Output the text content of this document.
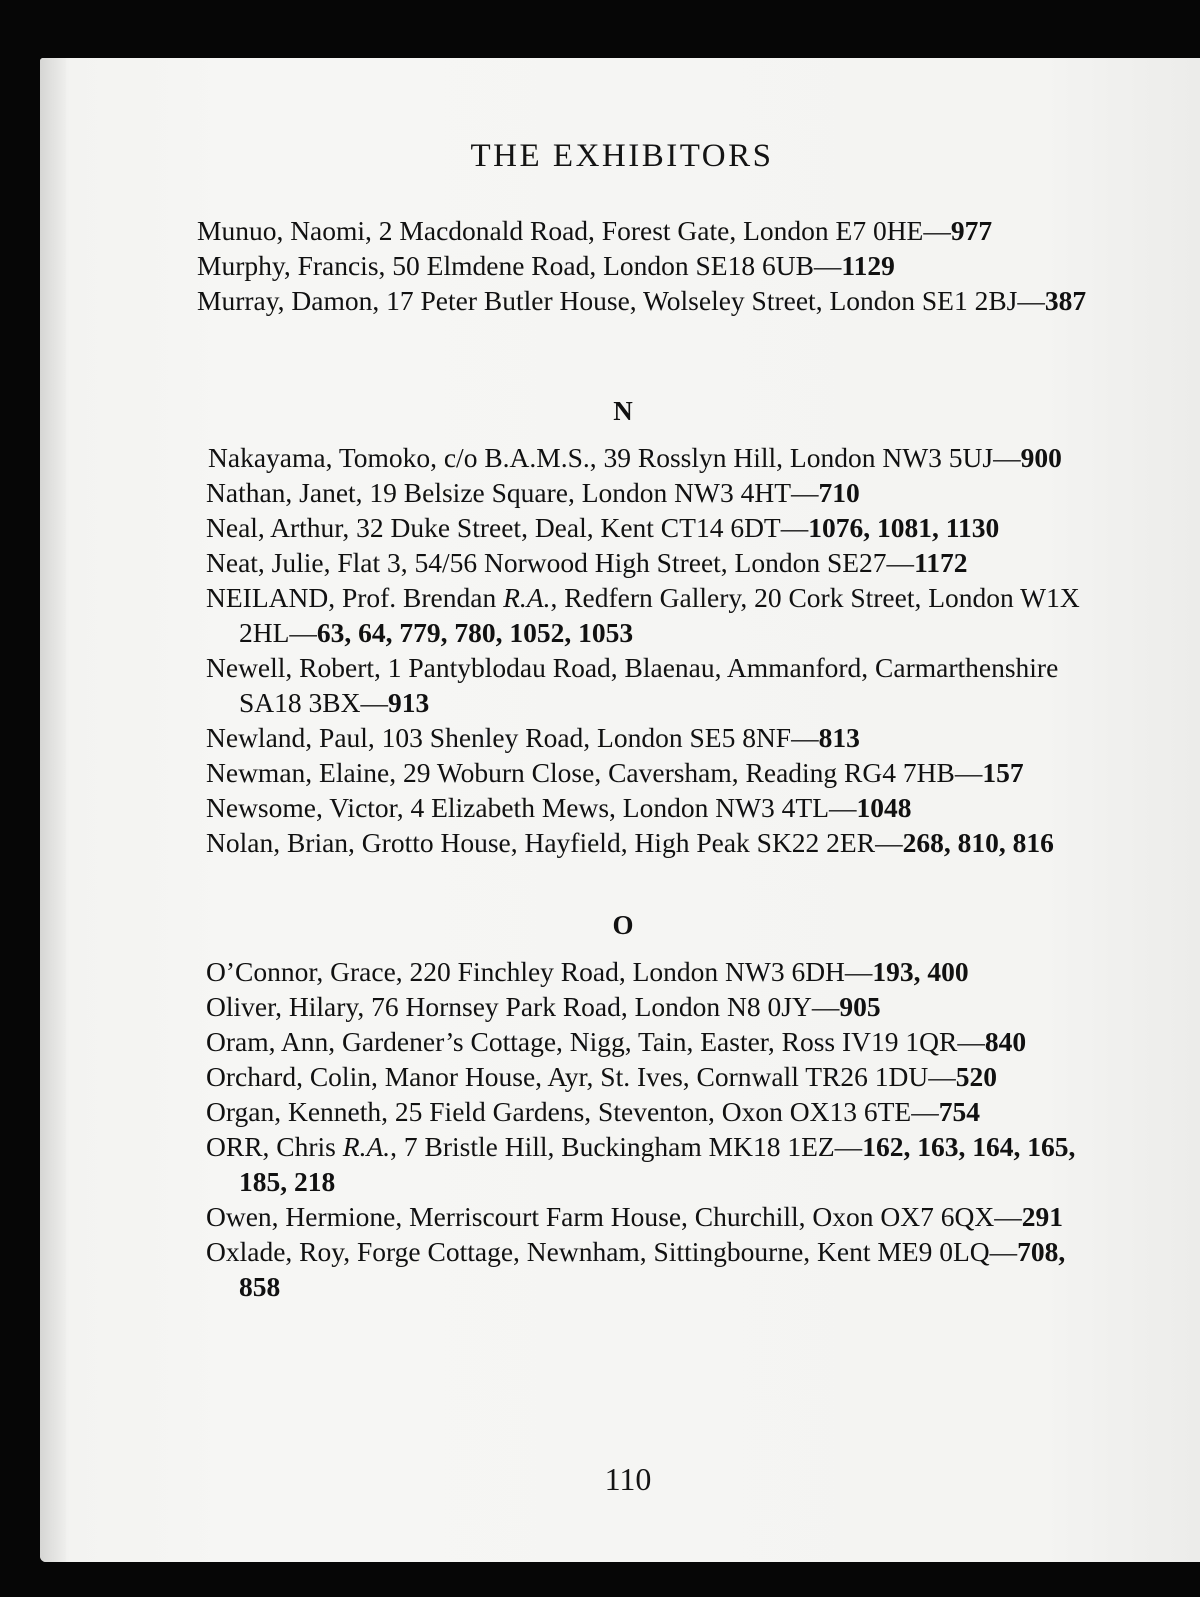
THE EXHIBITORS
Munuo, Naomi, 2 Macdonald Road, Forest Gate, London E7 0HE—977
Murphy, Francis, 50 Elmdene Road, London SE18 6UB—1129
Murray, Damon, 17 Peter Butler House, Wolseley Street, London SE1 2BJ—387
N
Nakayama, Tomoko, c/o B.A.M.S., 39 Rosslyn Hill, London NW3 5UJ—900
Nathan, Janet, 19 Belsize Square, London NW3 4HT—710
Neal, Arthur, 32 Duke Street, Deal, Kent CT14 6DT—1076, 1081, 1130
Neat, Julie, Flat 3, 54/56 Norwood High Street, London SE27—1172
NEILAND, Prof. Brendan R.A., Redfern Gallery, 20 Cork Street, London W1X
2HL—63, 64, 779, 780, 1052, 1053
Newell, Robert, 1 Pantyblodau Road, Blaenau, Ammanford, Carmarthenshire
SA18 3BX—913
Newland, Paul, 103 Shenley Road, London SE5 8NF—813
Newman, Elaine, 29 Woburn Close, Caversham, Reading RG4 7HB—157
Newsome, Victor, 4 Elizabeth Mews, London NW3 4TL—1048
Nolan, Brian, Grotto House, Hayfield, High Peak SK22 2ER—268, 810, 816
O
O’Connor, Grace, 220 Finchley Road, London NW3 6DH—193, 400
Oliver, Hilary, 76 Hornsey Park Road, London N8 0JY—905
Oram, Ann, Gardener’s Cottage, Nigg, Tain, Easter, Ross IV19 1QR—840
Orchard, Colin, Manor House, Ayr, St. Ives, Cornwall TR26 1DU—520
Organ, Kenneth, 25 Field Gardens, Steventon, Oxon OX13 6TE—754
ORR, Chris R.A., 7 Bristle Hill, Buckingham MK18 1EZ—162, 163, 164, 165,
185, 218
Owen, Hermione, Merriscourt Farm House, Churchill, Oxon OX7 6QX—291
Oxlade, Roy, Forge Cottage, Newnham, Sittingbourne, Kent ME9 0LQ—708,
858
110
